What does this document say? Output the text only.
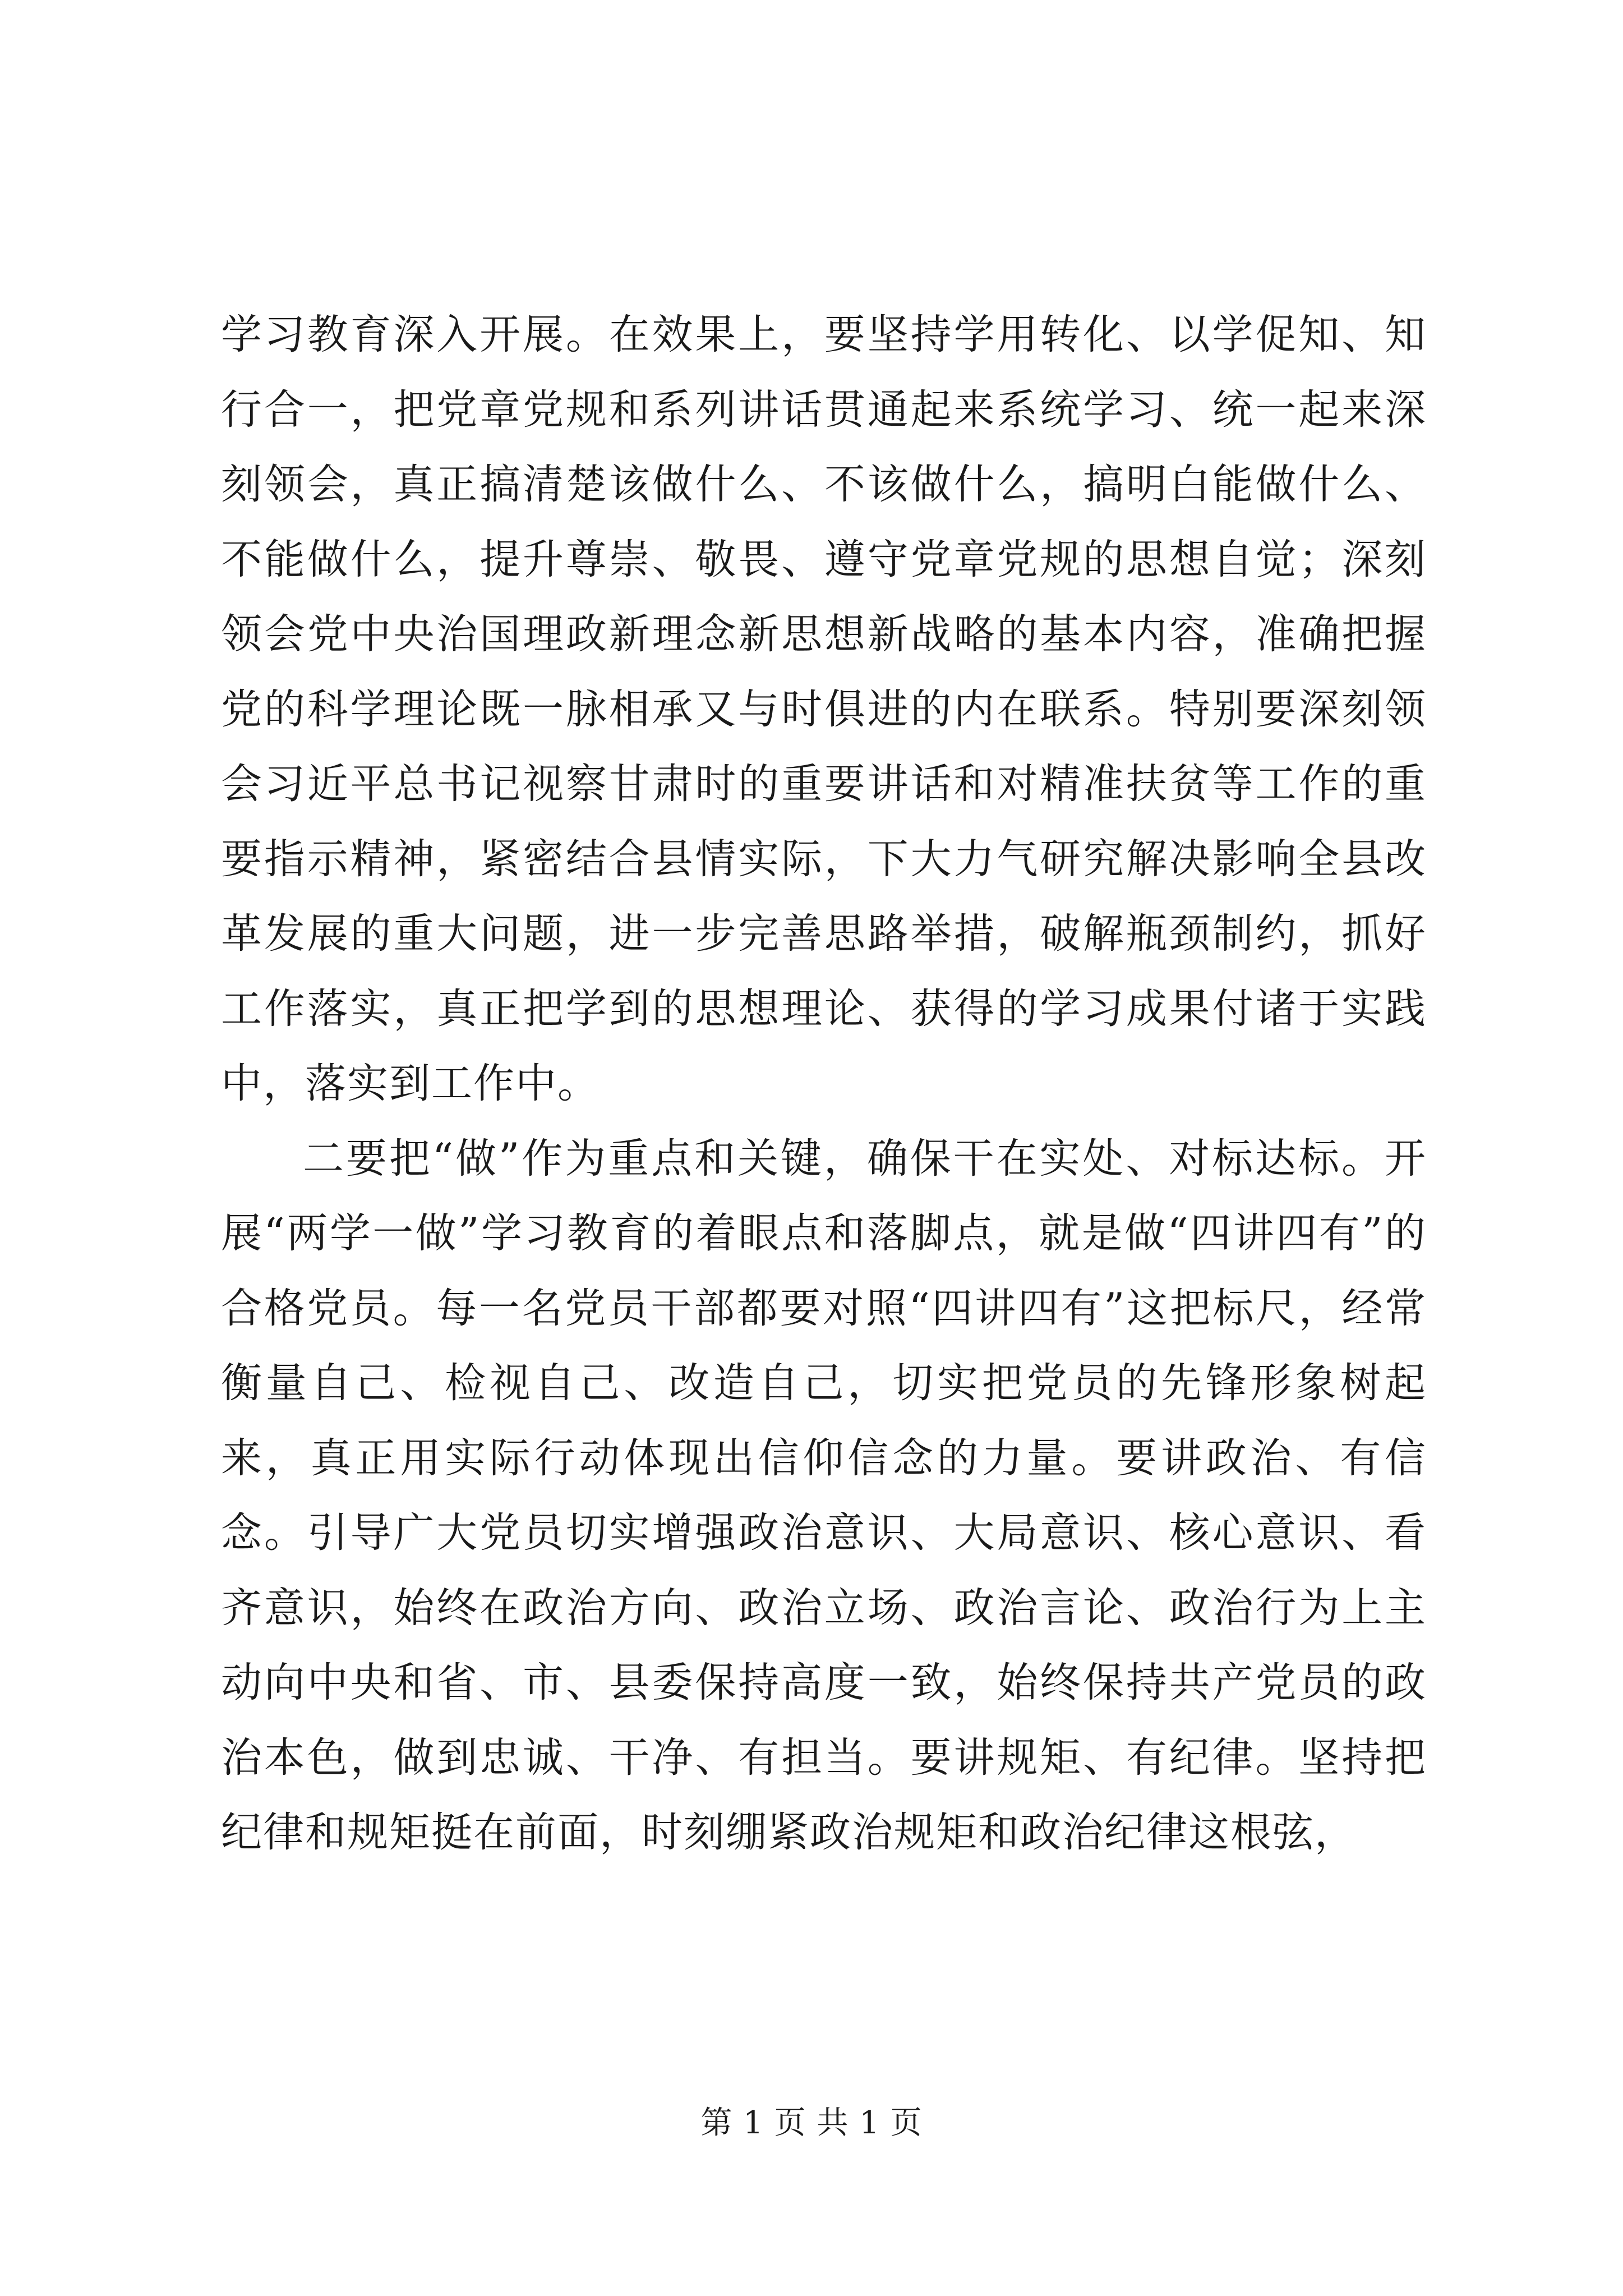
学习教育深入开展。在效果上，要坚持学用转化、以学促知、知行合一，把党章党规和系列讲话贯通起来系统学习、统一起来深刻领会，真正搞清楚该做什么、不该做什么，搞明白能做什么、不能做什么，提升尊崇、敬畏、遵守党章党规的思想自觉；深刻领会党中央治国理政新理念新思想新战略的基本内容，准确把握党的科学理论既一脉相承又与时俱进的内在联系。特别要深刻领会习近平总书记视察甘肃时的重要讲话和对精准扶贫等工作的重要指示精神，紧密结合县情实际，下大力气研究解决影响全县改革发展的重大问题，进一步完善思路举措，破解瓶颈制约，抓好工作落实，真正把学到的思想理论、获得的学习成果付诸于实践中，落实到工作中。

二要把“做”作为重点和关键，确保干在实处、对标达标。开展“两学一做”学习教育的着眼点和落脚点，就是做“四讲四有”的合格党员。每一名党员干部都要对照“四讲四有”这把标尺，经常衡量自己、检视自己、改造自己，切实把党员的先锋形象树起来，真正用实际行动体现出信仰信念的力量。要讲政治、有信念。引导广大党员切实增强政治意识、大局意识、核心意识、看齐意识，始终在政治方向、政治立场、政治言论、政治行为上主动向中央和省、市、县委保持高度一致，始终保持共产党员的政治本色，做到忠诚、干净、有担当。要讲规矩、有纪律。坚持把纪律和规矩挺在前面，时刻绷紧政治规矩和政治纪律这根弦，

第 1 页 共 1 页
